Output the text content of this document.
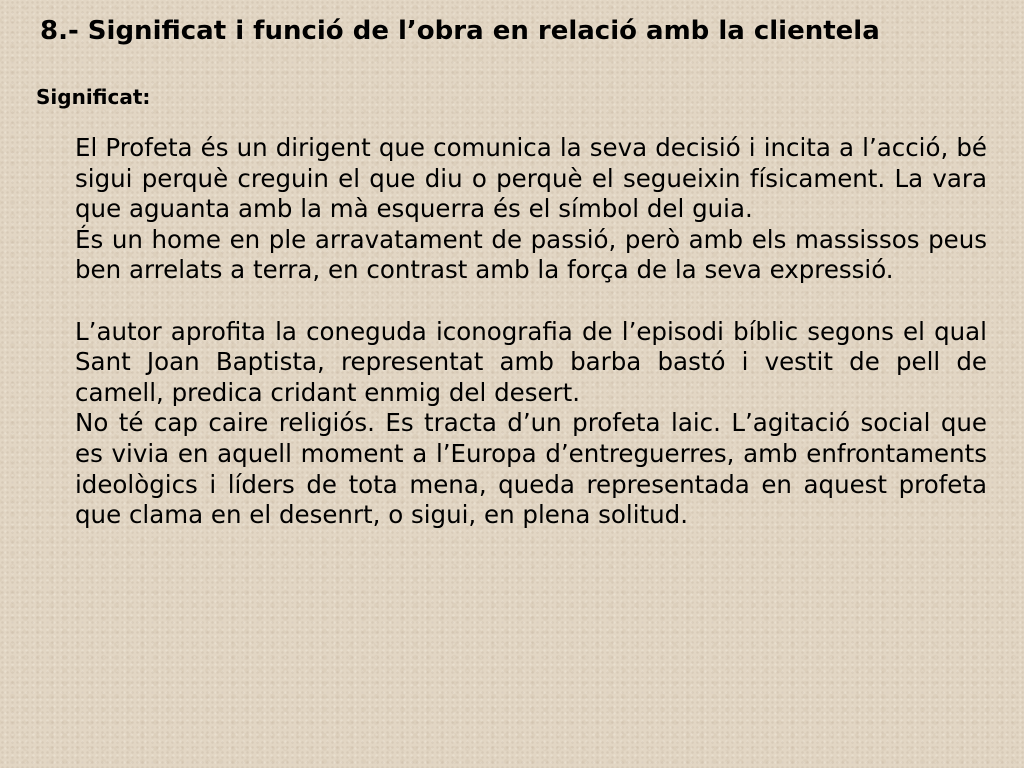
8.- Significat i funció de l’obra en relació amb la clientela
Significat:

El Profeta és un dirigent que comunica la seva decisió i incita a l’acció, bé sigui perquè creguin el que diu o perquè el segueixin físicament. La vara que aguanta amb la mà esquerra és el símbol del guia.

És un home en ple arravatament de passió, però amb els massissos peus ben arrelats a terra, en contrast amb la força de la seva expressió.

L’autor aprofita la coneguda iconografia de l’episodi bíblic segons el qual Sant Joan Baptista, representat amb barba bastó i vestit de pell de camell, predica cridant enmig del desert.

No té cap caire religiós. Es tracta d’un profeta laic. L’agitació social que es vivia en aquell moment a l’Europa d’entreguerres, amb enfrontaments ideològics i líders de tota mena, queda representada en aquest profeta que clama en el desenrt, o sigui, en plena solitud.
